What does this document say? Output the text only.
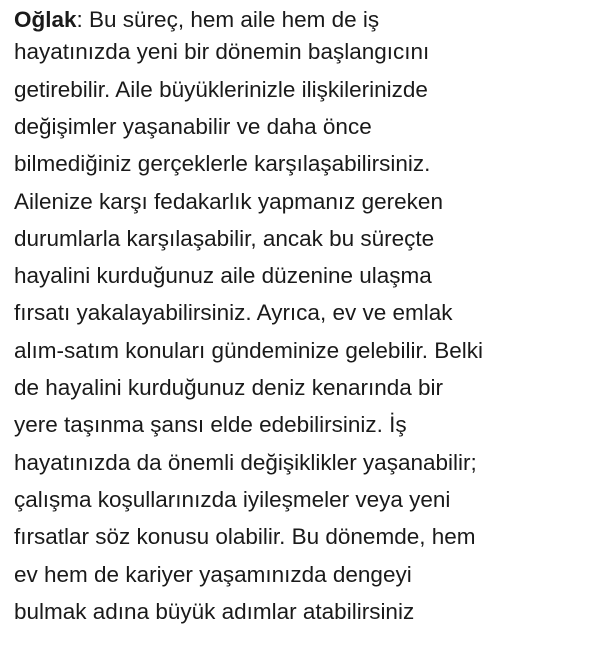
Oğlak: Bu süreç, hem aile hem de iş
hayatınızda yeni bir dönemin başlangıcını
getirebilir. Aile büyüklerinizle ilişkilerinizde
değişimler yaşanabilir ve daha önce
bilmediğiniz gerçeklerle karşılaşabilirsiniz.
Ailenize karşı fedakarlık yapmanız gereken
durumlarla karşılaşabilir, ancak bu süreçte
hayalini kurduğunuz aile düzenine ulaşma
fırsatı yakalayabilirsiniz. Ayrıca, ev ve emlak
alım-satım konuları gündeminize gelebilir. Belki
de hayalini kurduğunuz deniz kenarında bir
yere taşınma şansı elde edebilirsiniz. İş
hayatınızda da önemli değişiklikler yaşanabilir;
çalışma koşullarınızda iyileşmeler veya yeni
fırsatlar söz konusu olabilir. Bu dönemde, hem
ev hem de kariyer yaşamınızda dengeyi
bulmak adına büyük adımlar atabilirsiniz
